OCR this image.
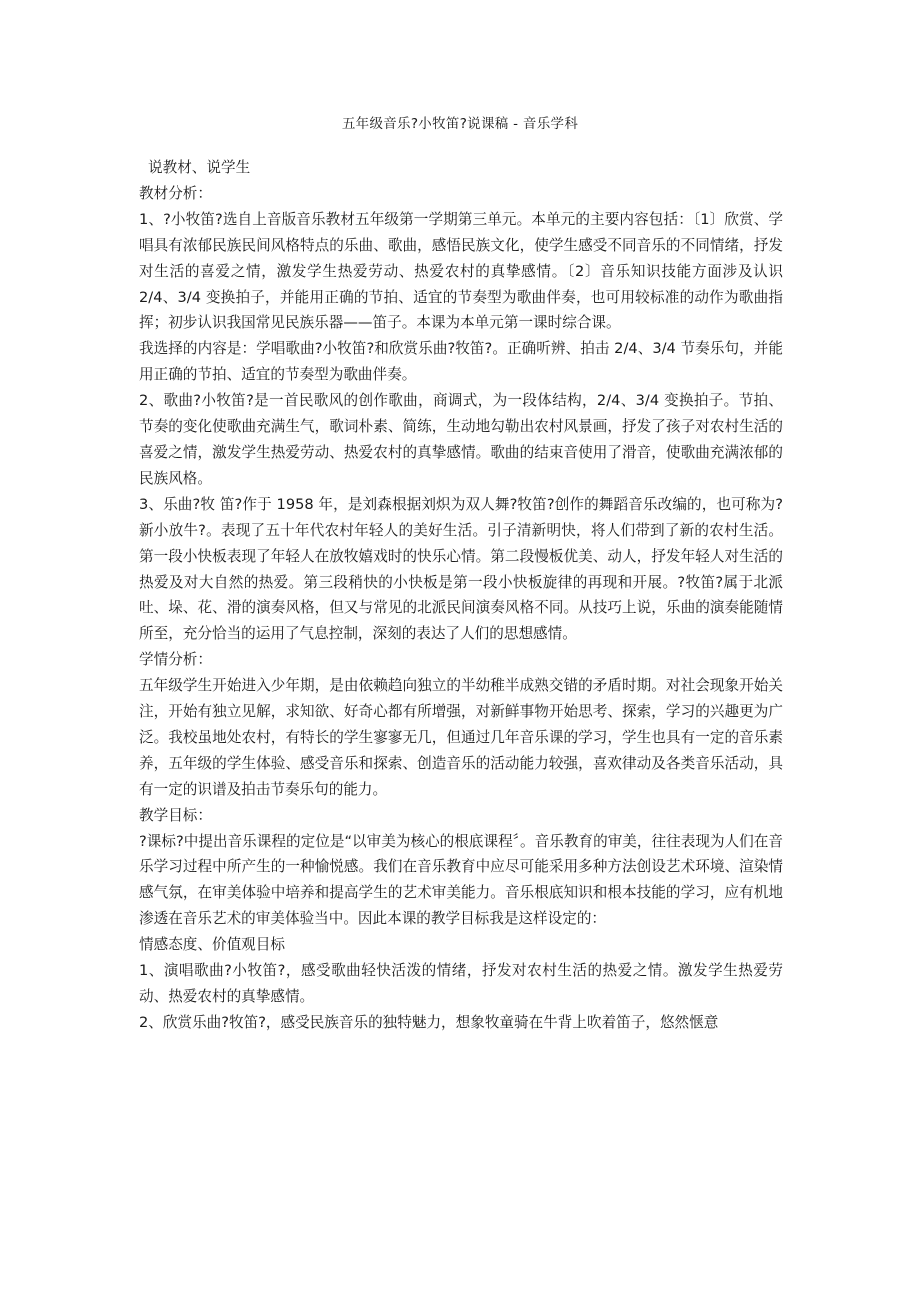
五年级音乐?小牧笛?说课稿 - 音乐学科

说教材、说学生

教材分析：

1、?小牧笛?选自上音版音乐教材五年级第一学期第三单元。本单元的主要内容包括：〔1〕欣赏、学唱具有浓郁民族民间风格特点的乐曲、歌曲，感悟民族文化，使学生感受不同音乐的不同情绪，抒发对生活的喜爱之情，激发学生热爱劳动、热爱农村的真挚感情。〔2〕音乐知识技能方面涉及认识 2/4、3/4 变换拍子，并能用正确的节拍、适宜的节奏型为歌曲伴奏，也可用较标准的动作为歌曲指挥；初步认识我国常见民族乐器——笛子。本课为本单元第一课时综合课。

我选择的内容是：学唱歌曲?小牧笛?和欣赏乐曲?牧笛?。正确听辨、拍击 2/4、3/4 节奏乐句，并能用正确的节拍、适宜的节奏型为歌曲伴奏。

2、歌曲?小牧笛?是一首民歌风的创作歌曲，商调式，为一段体结构，2/4、3/4 变换拍子。节拍、节奏的变化使歌曲充满生气，歌词朴素、简练，生动地勾勒出农村风景画，抒发了孩子对农村生活的喜爱之情，激发学生热爱劳动、热爱农村的真挚感情。歌曲的结束音使用了滑音，使歌曲充满浓郁的民族风格。

3、乐曲?牧 笛?作于 1958 年，是刘森根据刘炽为双人舞?牧笛?创作的舞蹈音乐改编的，也可称为?新小放牛?。表现了五十年代农村年轻人的美好生活。引子清新明快，将人们带到了新的农村生活。第一段小快板表现了年轻人在放牧嬉戏时的快乐心情。第二段慢板优美、动人，抒发年轻人对生活的热爱及对大自然的热爱。第三段稍快的小快板是第一段小快板旋律的再现和开展。?牧笛?属于北派吐、垛、花、滑的演奏风格，但又与常见的北派民间演奏风格不同。从技巧上说，乐曲的演奏能随情所至，充分恰当的运用了气息控制，深刻的表达了人们的思想感情。

学情分析：

五年级学生开始进入少年期，是由依赖趋向独立的半幼稚半成熟交错的矛盾时期。对社会现象开始关注，开始有独立见解，求知欲、好奇心都有所增强，对新鲜事物开始思考、探索，学习的兴趣更为广泛。我校虽地处农村，有特长的学生寥寥无几，但通过几年音乐课的学习，学生也具有一定的音乐素养，五年级的学生体验、感受音乐和探索、创造音乐的活动能力较强，喜欢律动及各类音乐活动，具有一定的识谱及拍击节奏乐句的能力。

教学目标：

?课标?中提出音乐课程的定位是“以审美为核心的根底课程〞。音乐教育的审美，往往表现为人们在音乐学习过程中所产生的一种愉悦感。我们在音乐教育中应尽可能采用多种方法创设艺术环境、渲染情感气氛，在审美体验中培养和提高学生的艺术审美能力。音乐根底知识和根本技能的学习，应有机地渗透在音乐艺术的审美体验当中。因此本课的教学目标我是这样设定的：

情感态度、价值观目标

1、演唱歌曲?小牧笛?，感受歌曲轻快活泼的情绪，抒发对农村生活的热爱之情。激发学生热爱劳动、热爱农村的真挚感情。

2、欣赏乐曲?牧笛?，感受民族音乐的独特魅力，想象牧童骑在牛背上吹着笛子，悠然惬意
